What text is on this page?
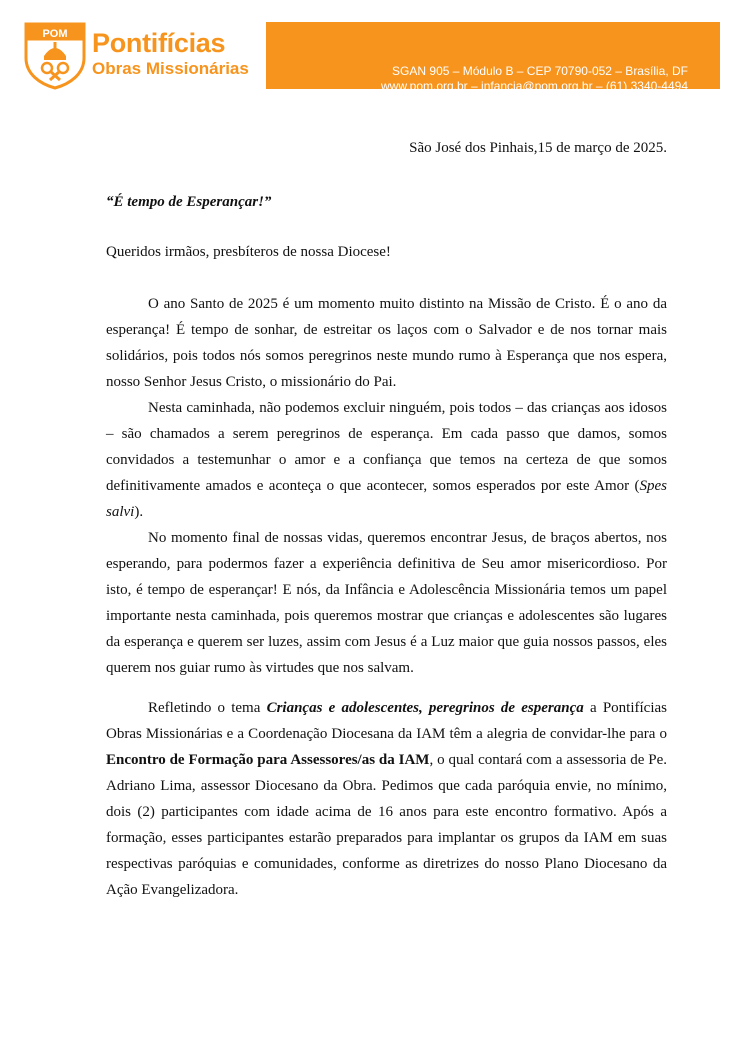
SGAN 905 – Módulo B – CEP 70790-052 – Brasília, DF
www.pom.org.br – infancia@pom.org.br – (61) 3340-4494
POM Pontifícias
Obras Missionárias

São José dos Pinhais,15 de março de 2025.

“É tempo de Esperançar!”

Queridos irmãos, presbíteros de nossa Diocese!

O ano Santo de 2025 é um momento muito distinto na Missão de Cristo. É o ano da esperança! É tempo de sonhar, de estreitar os laços com o Salvador e de nos tornar mais solidários, pois todos nós somos peregrinos neste mundo rumo à Esperança que nos espera, nosso Senhor Jesus Cristo, o missionário do Pai.

Nesta caminhada, não podemos excluir ninguém, pois todos – das crianças aos idosos – são chamados a serem peregrinos de esperança. Em cada passo que damos, somos convidados a testemunhar o amor e a confiança que temos na certeza de que somos definitivamente amados e aconteça o que acontecer, somos esperados por este Amor (Spes salvi).

No momento final de nossas vidas, queremos encontrar Jesus, de braços abertos, nos esperando, para podermos fazer a experiência definitiva de Seu amor misericordioso. Por isto, é tempo de esperançar! E nós, da Infância e Adolescência Missionária temos um papel importante nesta caminhada, pois queremos mostrar que crianças e adolescentes são lugares da esperança e querem ser luzes, assim com Jesus é a Luz maior que guia nossos passos, eles querem nos guiar rumo às virtudes que nos salvam.

Refletindo o tema Crianças e adolescentes, peregrinos de esperança a Pontifícias Obras Missionárias e a Coordenação Diocesana da IAM têm a alegria de convidar-lhe para o Encontro de Formação para Assessores/as da IAM, o qual contará com a assessoria de Pe. Adriano Lima, assessor Diocesano da Obra. Pedimos que cada paróquia envie, no mínimo, dois (2) participantes com idade acima de 16 anos para este encontro formativo. Após a formação, esses participantes estarão preparados para implantar os grupos da IAM em suas respectivas paróquias e comunidades, conforme as diretrizes do nosso Plano Diocesano da Ação Evangelizadora.
